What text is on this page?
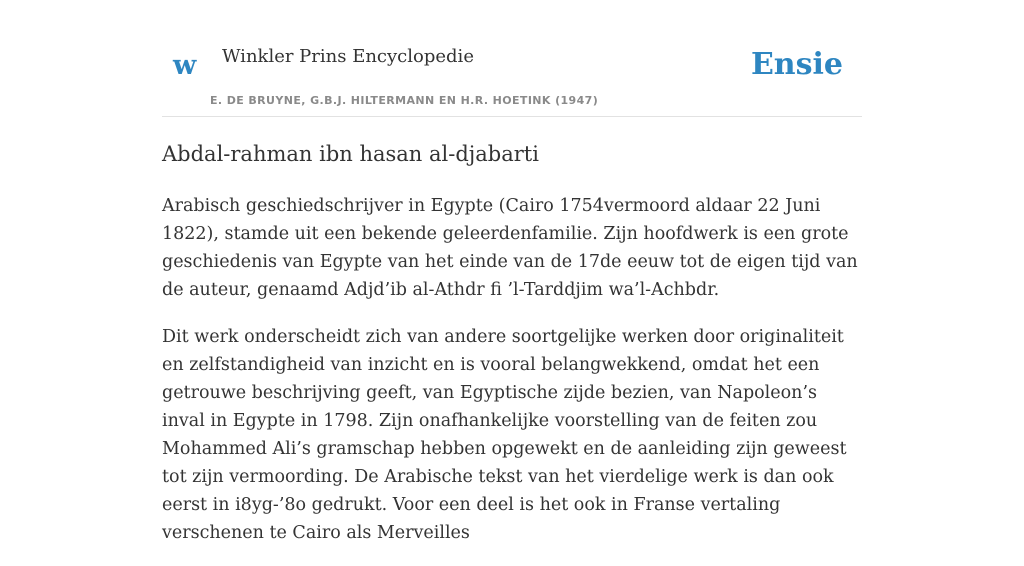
w Winkler Prins Encyclopedie
E. DE BRUYNE, G.B.J. HILTERMANN EN H.R. HOETINK (1947)
Ensie
Abdal-rahman ibn hasan al-djabarti

Arabisch geschiedschrijver in Egypte (Cairo 1754vermoord aldaar 22 Juni 1822), stamde uit een bekende geleerdenfamilie. Zijn hoofdwerk is een grote geschiedenis van Egypte van het einde van de 17de eeuw tot de eigen tijd van de auteur, genaamd Adjd’ib al-Athdr fi ’l-Tarddjim wa’l-Achbdr.

Dit werk onderscheidt zich van andere soortgelijke werken door originaliteit en zelfstandigheid van inzicht en is vooral belangwekkend, omdat het een getrouwe beschrijving geeft, van Egyptische zijde bezien, van Napoleon’s inval in Egypte in 1798. Zijn onafhankelijke voorstelling van de feiten zou Mohammed Ali’s gramschap hebben opgewekt en de aanleiding zijn geweest tot zijn vermoording. De Arabische tekst van het vierdelige werk is dan ook eerst in i8yg-’8o gedrukt. Voor een deel is het ook in Franse vertaling verschenen te Cairo als Merveilles
